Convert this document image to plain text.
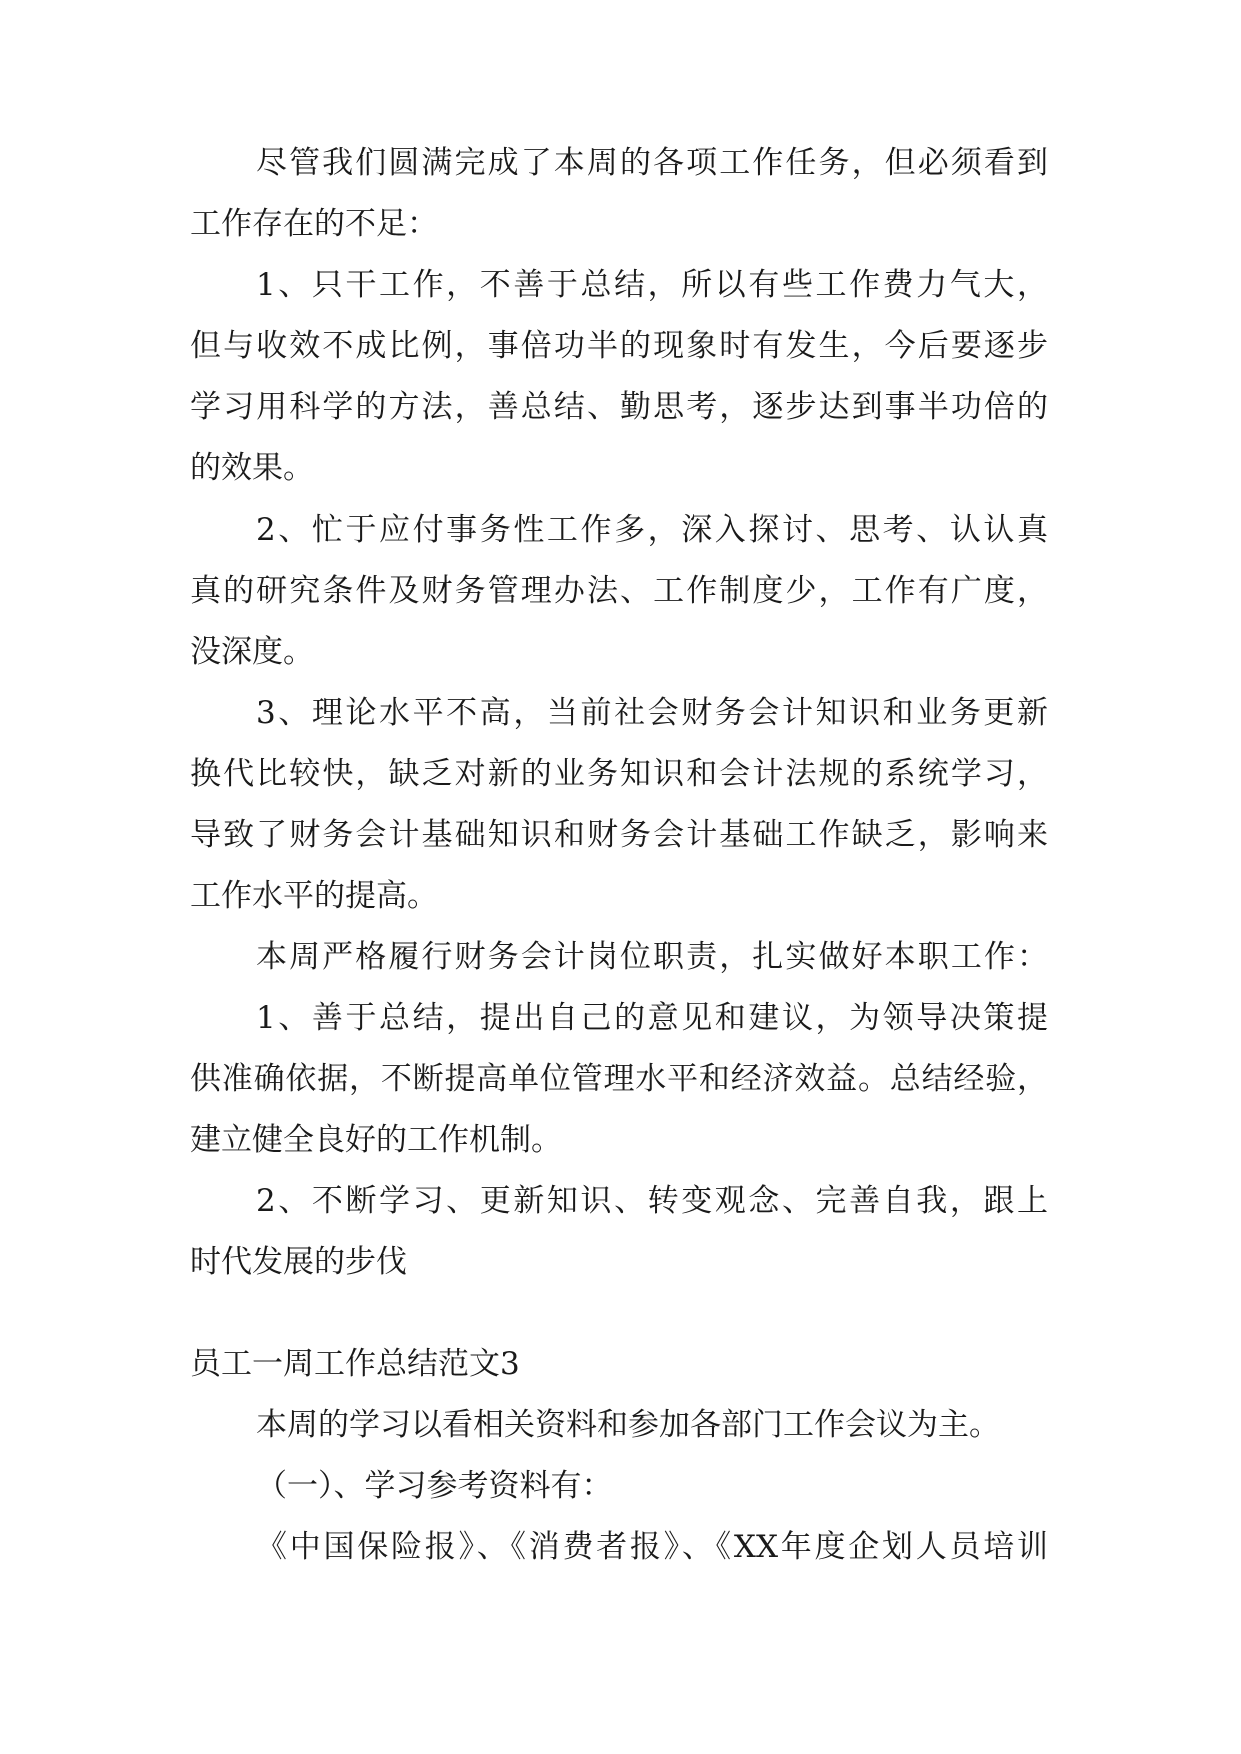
尽管我们圆满完成了本周的各项工作任务，但必须看到
工作存在的不足：
1、只干工作，不善于总结，所以有些工作费力气大，
但与收效不成比例，事倍功半的现象时有发生，今后要逐步
学习用科学的方法，善总结、勤思考，逐步达到事半功倍的
的效果。
2、忙于应付事务性工作多，深入探讨、思考、认认真
真的研究条件及财务管理办法、工作制度少，工作有广度，
没深度。
3、理论水平不高，当前社会财务会计知识和业务更新
换代比较快，缺乏对新的业务知识和会计法规的系统学习，
导致了财务会计基础知识和财务会计基础工作缺乏，影响来
工作水平的提高。
本周严格履行财务会计岗位职责，扎实做好本职工作：
1、善于总结，提出自己的意见和建议，为领导决策提
供准确依据，不断提高单位管理水平和经济效益。总结经验，
建立健全良好的工作机制。
2、不断学习、更新知识、转变观念、完善自我，跟上
时代发展的步伐
员工一周工作总结范文3
本周的学习以看相关资料和参加各部门工作会议为主。
（一）、学习参考资料有：
《中国保险报》、《消费者报》、《XX年度企划人员培训
